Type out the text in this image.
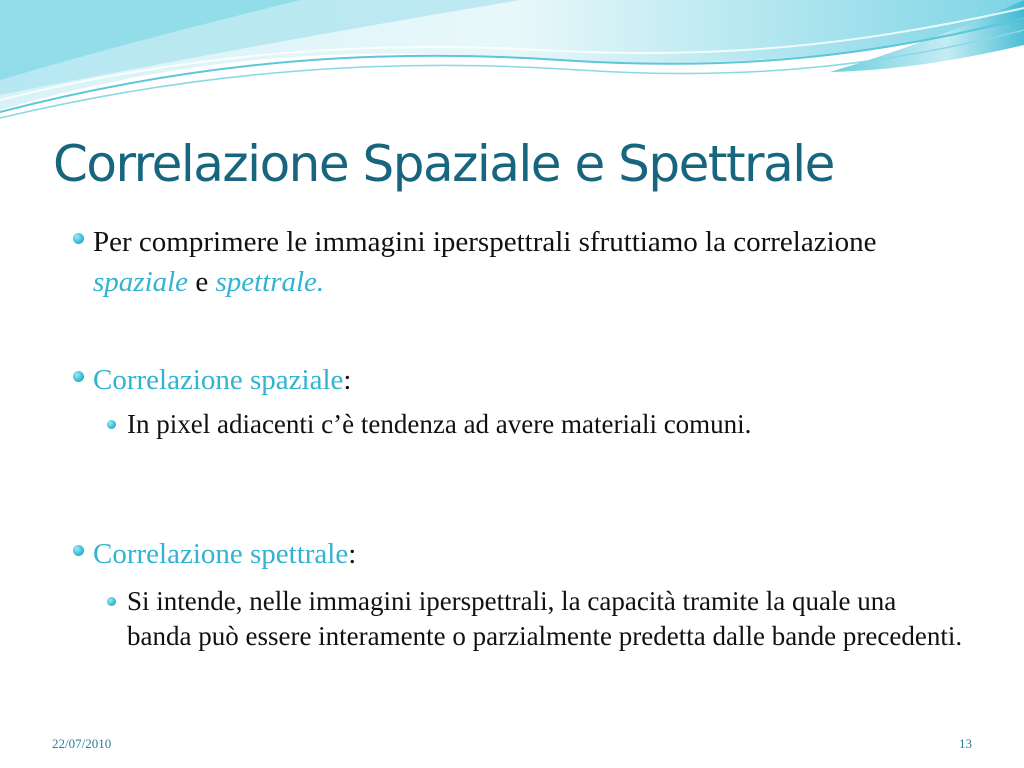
Correlazione Spaziale e Spettrale
Per comprimere le immagini iperspettrali sfruttiamo la correlazione spaziale e spettrale.
Correlazione spaziale:
In pixel adiacenti c’è tendenza ad avere materiali comuni.
Correlazione spettrale:
Si intende, nelle immagini iperspettrali, la capacità tramite la quale una banda può essere interamente o parzialmente predetta dalle bande precedenti.
22/07/2010	13
